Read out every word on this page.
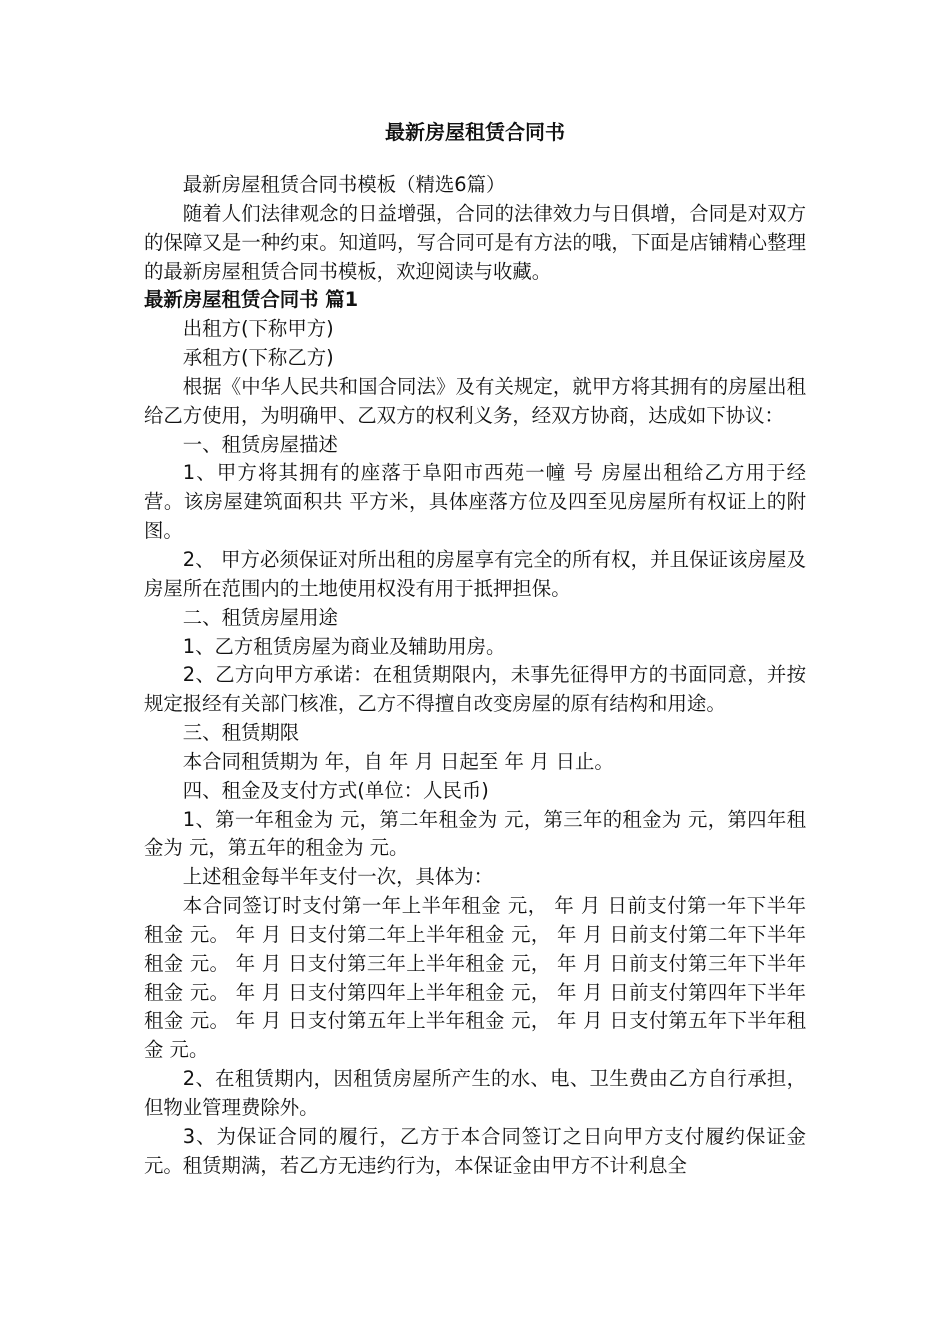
最新房屋租赁合同书

最新房屋租赁合同书模板（精选6篇）

随着人们法律观念的日益增强，合同的法律效力与日俱增，合同是对双方的保障又是一种约束。知道吗，写合同可是有方法的哦，下面是店铺精心整理的最新房屋租赁合同书模板，欢迎阅读与收藏。

最新房屋租赁合同书 篇1

出租方(下称甲方)

承租方(下称乙方)

根据《中华人民共和国合同法》及有关规定，就甲方将其拥有的房屋出租给乙方使用，为明确甲、乙双方的权利义务，经双方协商，达成如下协议：

一、租赁房屋描述

1、甲方将其拥有的座落于阜阳市西苑一幢 号 房屋出租给乙方用于经营。该房屋建筑面积共 平方米，具体座落方位及四至见房屋所有权证上的附图。

2、 甲方必须保证对所出租的房屋享有完全的所有权，并且保证该房屋及房屋所在范围内的土地使用权没有用于抵押担保。

二、租赁房屋用途

1、乙方租赁房屋为商业及辅助用房。

2、乙方向甲方承诺：在租赁期限内，未事先征得甲方的书面同意，并按规定报经有关部门核准，乙方不得擅自改变房屋的原有结构和用途。

三、租赁期限

本合同租赁期为 年，自 年 月 日起至 年 月 日止。

四、租金及支付方式(单位：人民币)

1、第一年租金为 元，第二年租金为 元，第三年的租金为 元，第四年租金为 元，第五年的租金为 元。

上述租金每半年支付一次，具体为：

本合同签订时支付第一年上半年租金 元， 年 月 日前支付第一年下半年租金 元。 年 月 日支付第二年上半年租金 元， 年 月 日前支付第二年下半年租金 元。 年 月 日支付第三年上半年租金 元， 年 月 日前支付第三年下半年租金 元。 年 月 日支付第四年上半年租金 元， 年 月 日前支付第四年下半年租金 元。 年 月 日支付第五年上半年租金 元， 年 月 日支付第五年下半年租金 元。

2、在租赁期内，因租赁房屋所产生的水、电、卫生费由乙方自行承担，但物业管理费除外。

3、为保证合同的履行，乙方于本合同签订之日向甲方支付履约保证金 元。租赁期满，若乙方无违约行为，本保证金由甲方不计利息全
